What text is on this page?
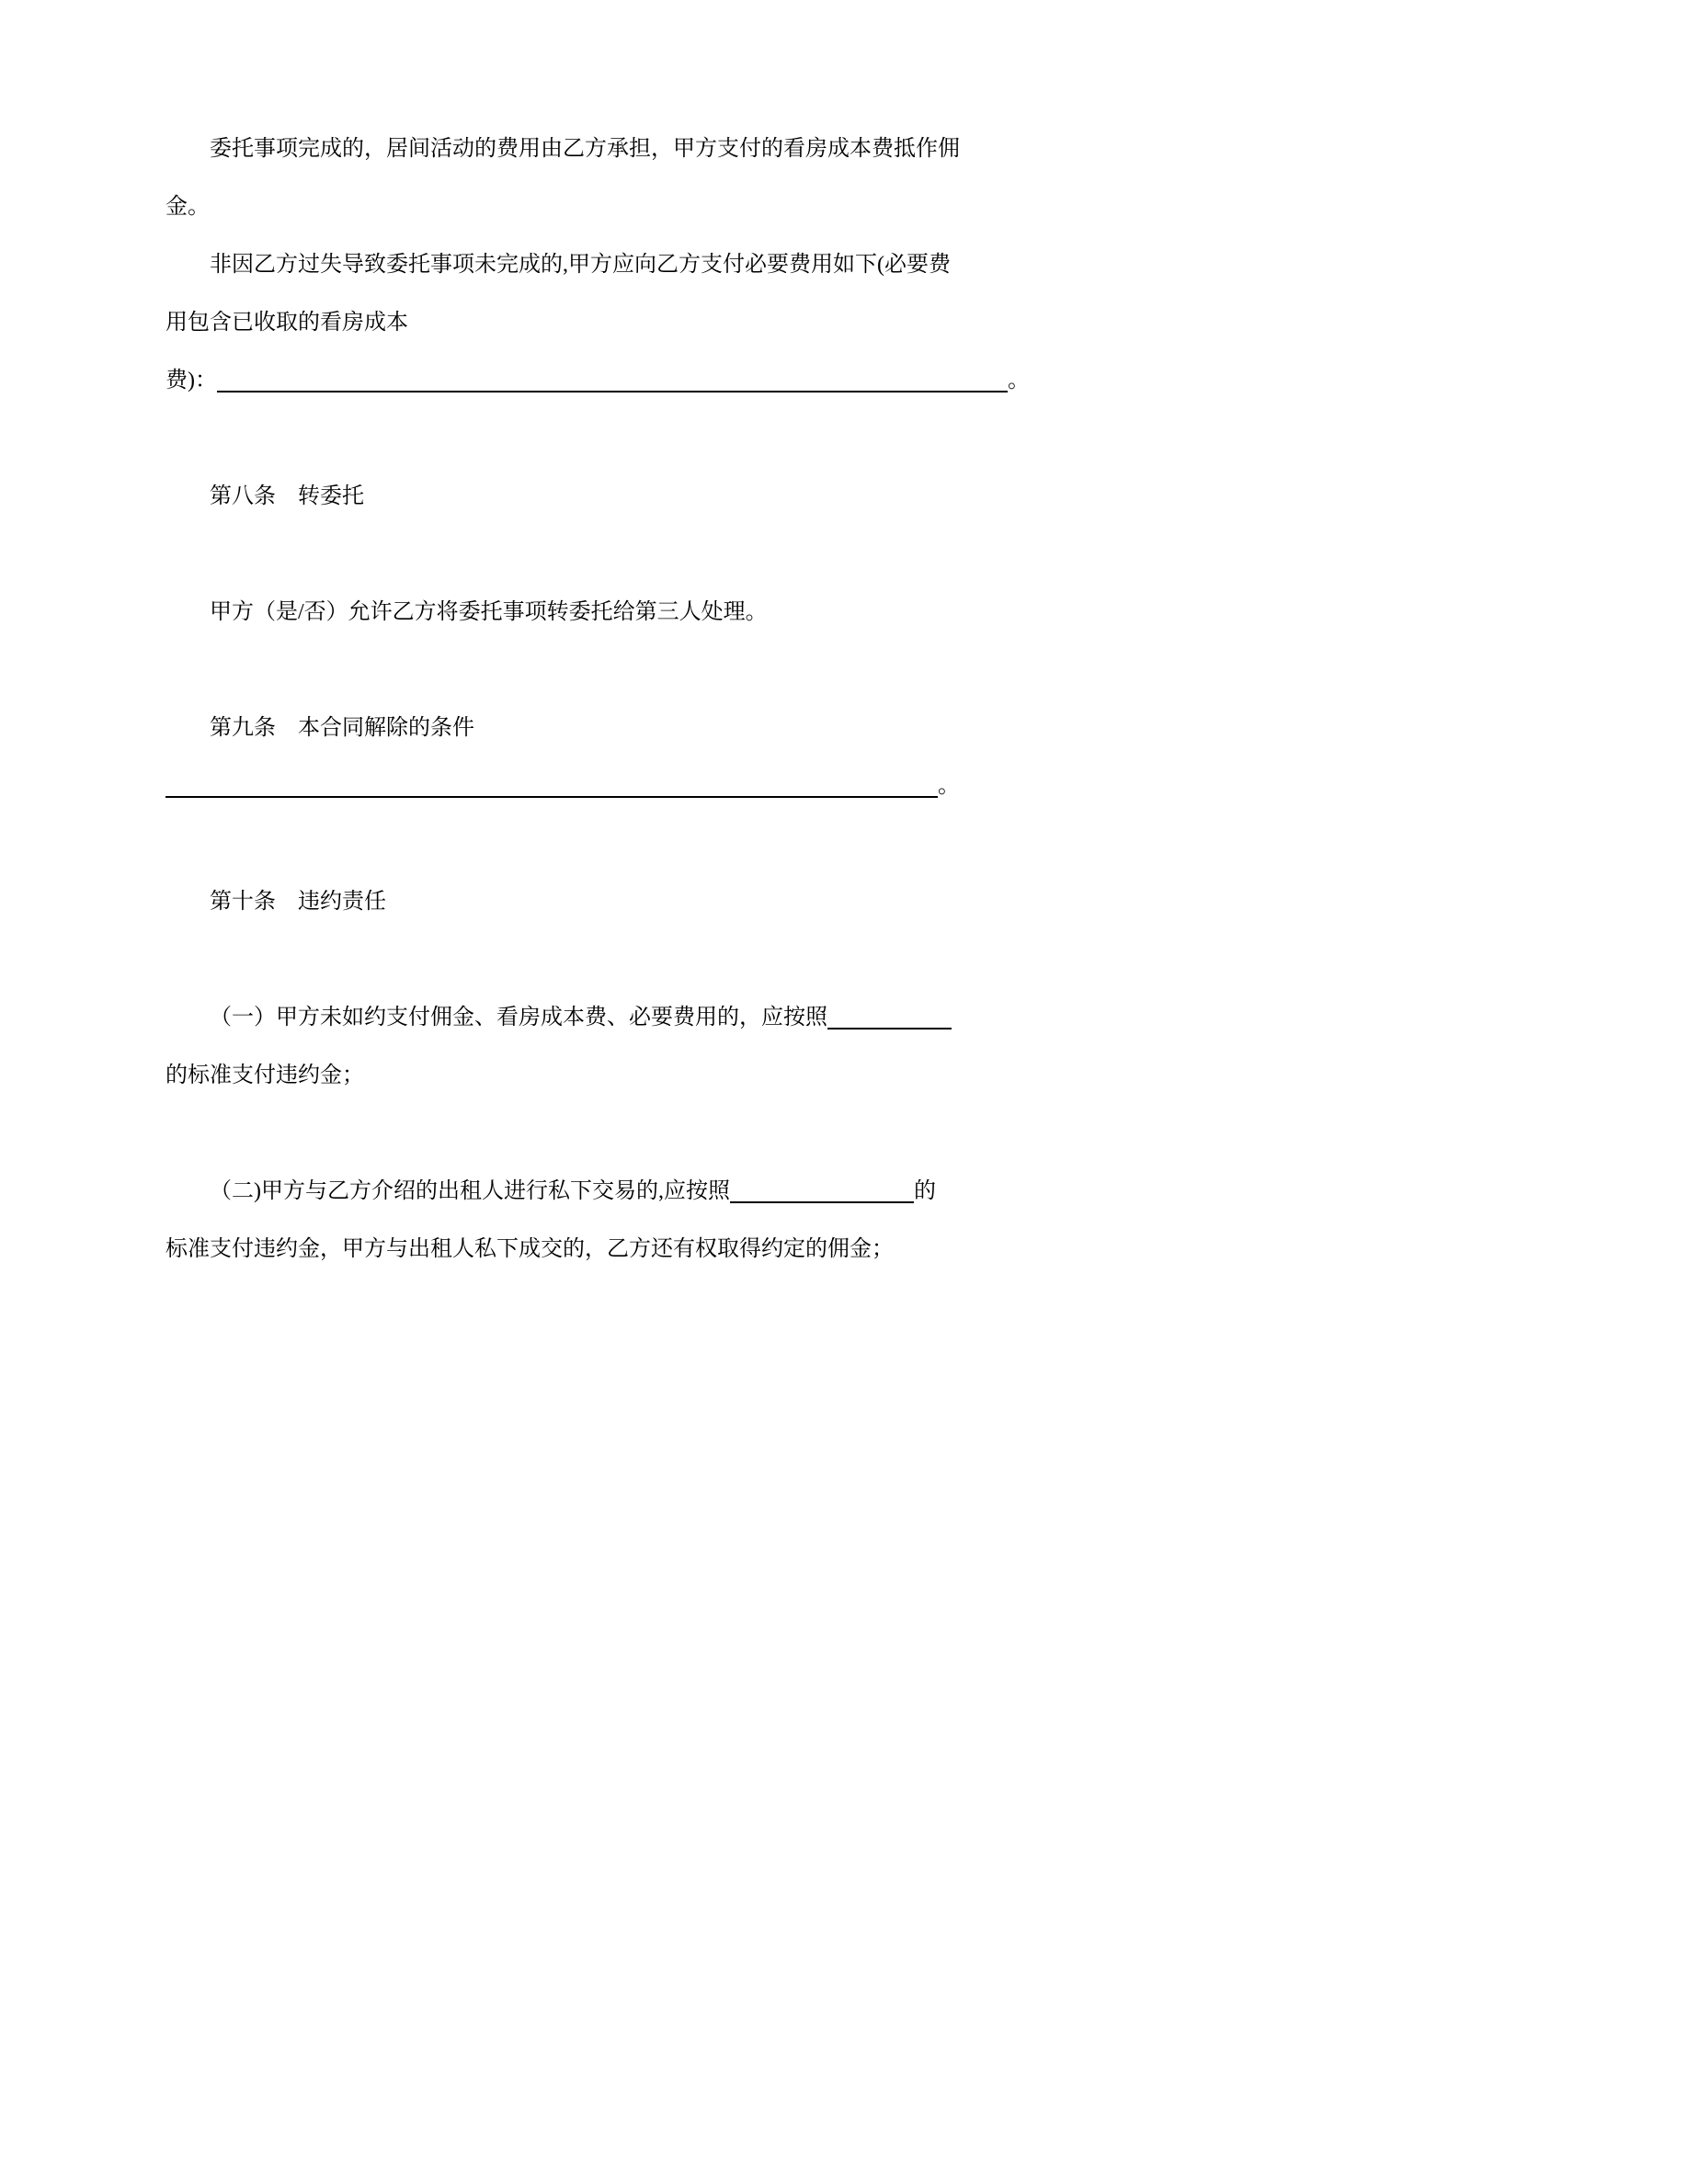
委托事项完成的，居间活动的费用由乙方承担，甲方支付的看房成本费抵作佣

金。

非因乙方过失导致委托事项未完成的,甲方应向乙方支付必要费用如下(必要费

用包含已收取的看房成本

费)：	。

第八条　转委托

甲方（是/否）允许乙方将委托事项转委托给第三人处理。

第九条　本合同解除的条件

。

第十条　违约责任

（一）甲方未如约支付佣金、看房成本费、必要费用的，应按照

的标准支付违约金；

（二)甲方与乙方介绍的出租人进行私下交易的,应按照	的

标准支付违约金，甲方与出租人私下成交的，乙方还有权取得约定的佣金；
